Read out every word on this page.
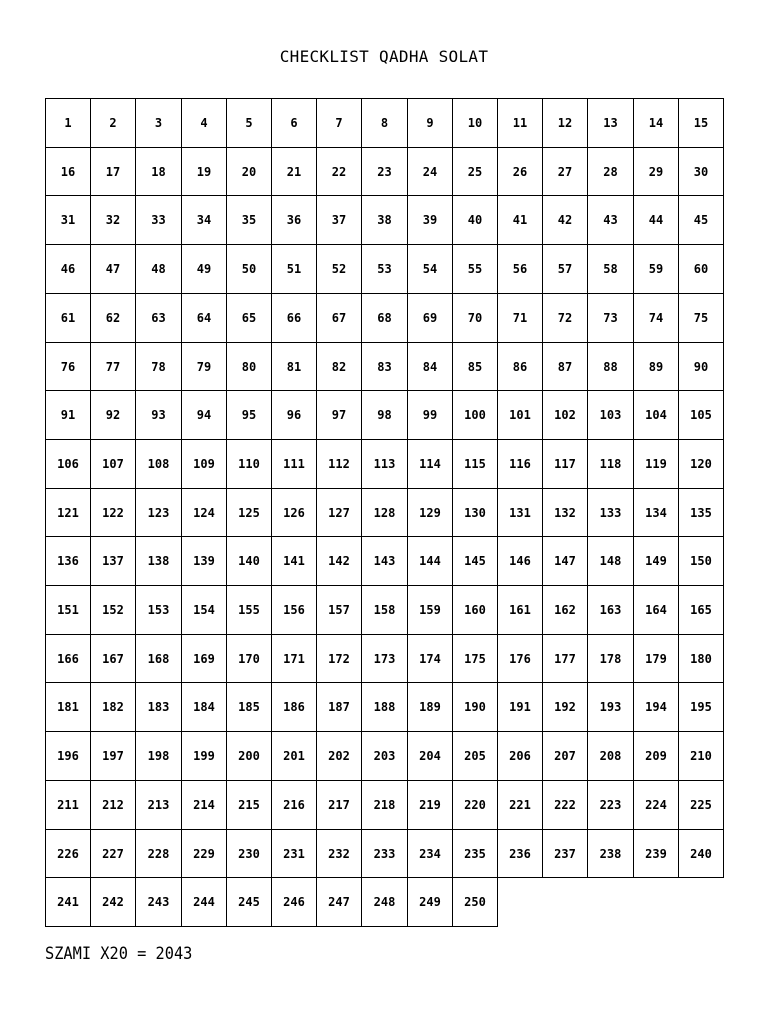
CHECKLIST QADHA SOLAT
1	2	3	4	5	6	7	8	9	10	11	12	13	14	15
16	17	18	19	20	21	22	23	24	25	26	27	28	29	30
31	32	33	34	35	36	37	38	39	40	41	42	43	44	45
46	47	48	49	50	51	52	53	54	55	56	57	58	59	60
61	62	63	64	65	66	67	68	69	70	71	72	73	74	75
76	77	78	79	80	81	82	83	84	85	86	87	88	89	90
91	92	93	94	95	96	97	98	99	100	101	102	103	104	105
106	107	108	109	110	111	112	113	114	115	116	117	118	119	120
121	122	123	124	125	126	127	128	129	130	131	132	133	134	135
136	137	138	139	140	141	142	143	144	145	146	147	148	149	150
151	152	153	154	155	156	157	158	159	160	161	162	163	164	165
166	167	168	169	170	171	172	173	174	175	176	177	178	179	180
181	182	183	184	185	186	187	188	189	190	191	192	193	194	195
196	197	198	199	200	201	202	203	204	205	206	207	208	209	210
211	212	213	214	215	216	217	218	219	220	221	222	223	224	225
226	227	228	229	230	231	232	233	234	235	236	237	238	239	240
241	242	243	244	245	246	247	248	249	250
SZAMI X20 = 2043
